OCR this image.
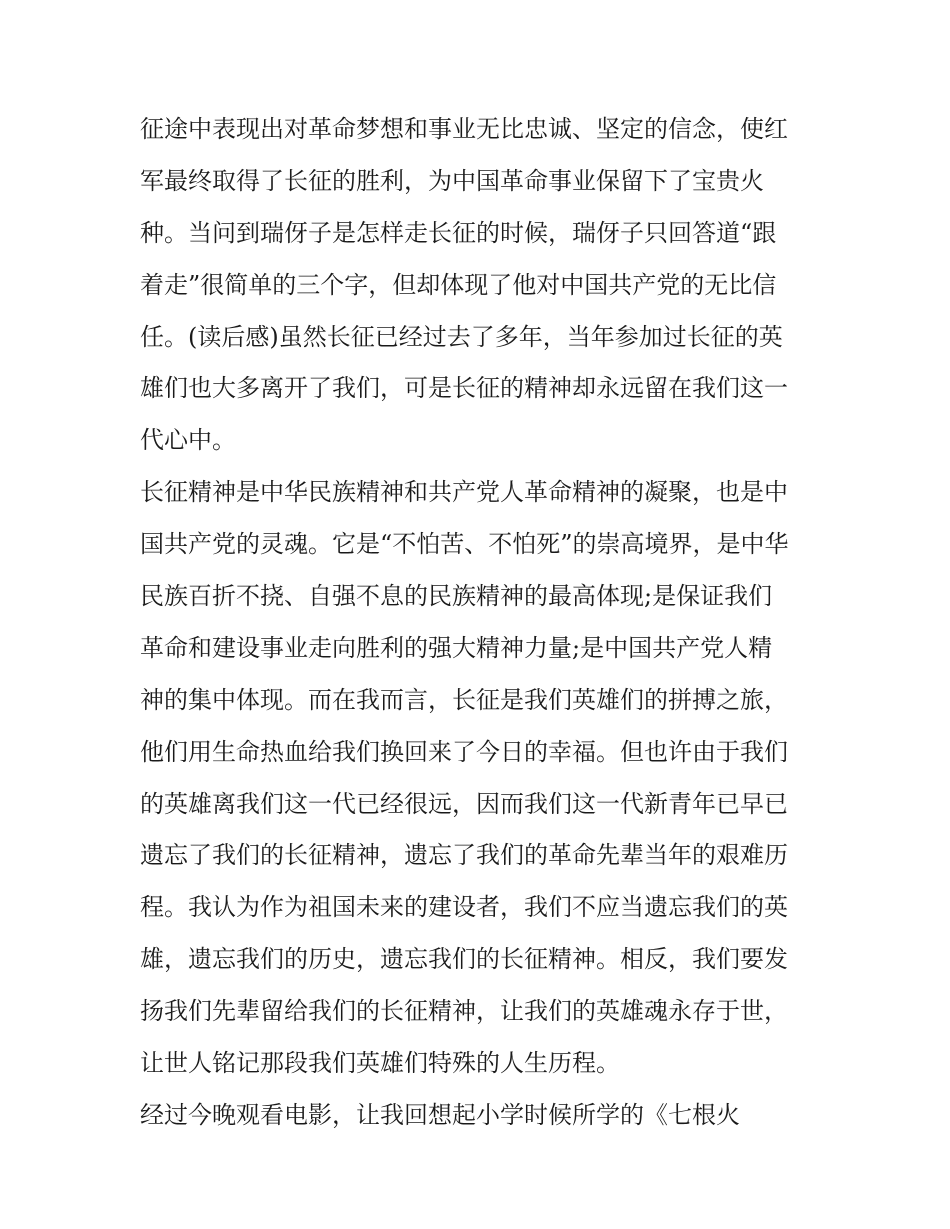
征途中表现出对革命梦想和事业无比忠诚、坚定的信念，使红
军最终取得了长征的胜利，为中国革命事业保留下了宝贵火
种。当问到瑞伢子是怎样走长征的时候，瑞伢子只回答道“跟
着走”很简单的三个字，但却体现了他对中国共产党的无比信
任。(读后感)虽然长征已经过去了多年，当年参加过长征的英
雄们也大多离开了我们，可是长征的精神却永远留在我们这一
代心中。
长征精神是中华民族精神和共产党人革命精神的凝聚，也是中
国共产党的灵魂。它是“不怕苦、不怕死”的崇高境界，是中华
民族百折不挠、自强不息的民族精神的最高体现;是保证我们
革命和建设事业走向胜利的强大精神力量;是中国共产党人精
神的集中体现。而在我而言，长征是我们英雄们的拼搏之旅，
他们用生命热血给我们换回来了今日的幸福。但也许由于我们
的英雄离我们这一代已经很远，因而我们这一代新青年已早已
遗忘了我们的长征精神，遗忘了我们的革命先辈当年的艰难历
程。我认为作为祖国未来的建设者，我们不应当遗忘我们的英
雄，遗忘我们的历史，遗忘我们的长征精神。相反，我们要发
扬我们先辈留给我们的长征精神，让我们的英雄魂永存于世，
让世人铭记那段我们英雄们特殊的人生历程。
经过今晚观看电影，让我回想起小学时候所学的《七根火
